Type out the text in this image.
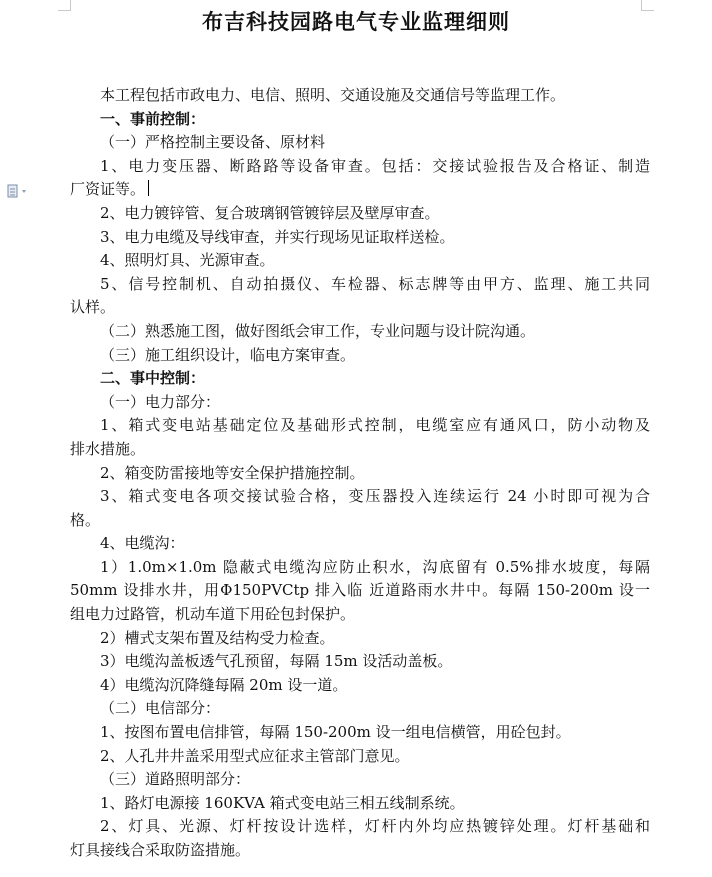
布吉科技园路电气专业监理细则
本工程包括市政电力、电信、照明、交通设施及交通信号等监理工作。
一、事前控制：
（一）严格控制主要设备、原材料
1、电力变压器、断路路等设备审查。包括：交接试验报告及合格证、制造
厂资证等。
2、电力镀锌管、复合玻璃钢管镀锌层及壁厚审查。
3、电力电缆及导线审查，并实行现场见证取样送检。
4、照明灯具、光源审查。
5、信号控制机、自动拍摄仪、车检器、标志牌等由甲方、监理、施工共同
认样。
（二）熟悉施工图，做好图纸会审工作，专业问题与设计院沟通。
（三）施工组织设计，临电方案审查。
二、事中控制：
（一）电力部分：
1、箱式变电站基础定位及基础形式控制，电缆室应有通风口，防小动物及
排水措施。
2、箱变防雷接地等安全保护措施控制。
3、箱式变电各项交接试验合格，变压器投入连续运行 24 小时即可视为合
格。
4、电缆沟：
1）1.0m×1.0m 隐蔽式电缆沟应防止积水，沟底留有 0.5%排水坡度，每隔
50mm 设排水井，用Φ150PVCtp 排入临 近道路雨水井中。每隔 150-200m 设一
组电力过路管，机动车道下用砼包封保护。
2）槽式支架布置及结构受力检查。
3）电缆沟盖板透气孔预留，每隔 15m 设活动盖板。
4）电缆沟沉降缝每隔 20m 设一道。
（二）电信部分：
1、按图布置电信排管，每隔 150-200m 设一组电信横管，用砼包封。
2、人孔井井盖采用型式应征求主管部门意见。
（三）道路照明部分：
1、路灯电源接 160KVA 箱式变电站三相五线制系统。
2、灯具、光源、灯杆按设计选样，灯杆内外均应热镀锌处理。灯杆基础和
灯具接线合采取防盗措施。
